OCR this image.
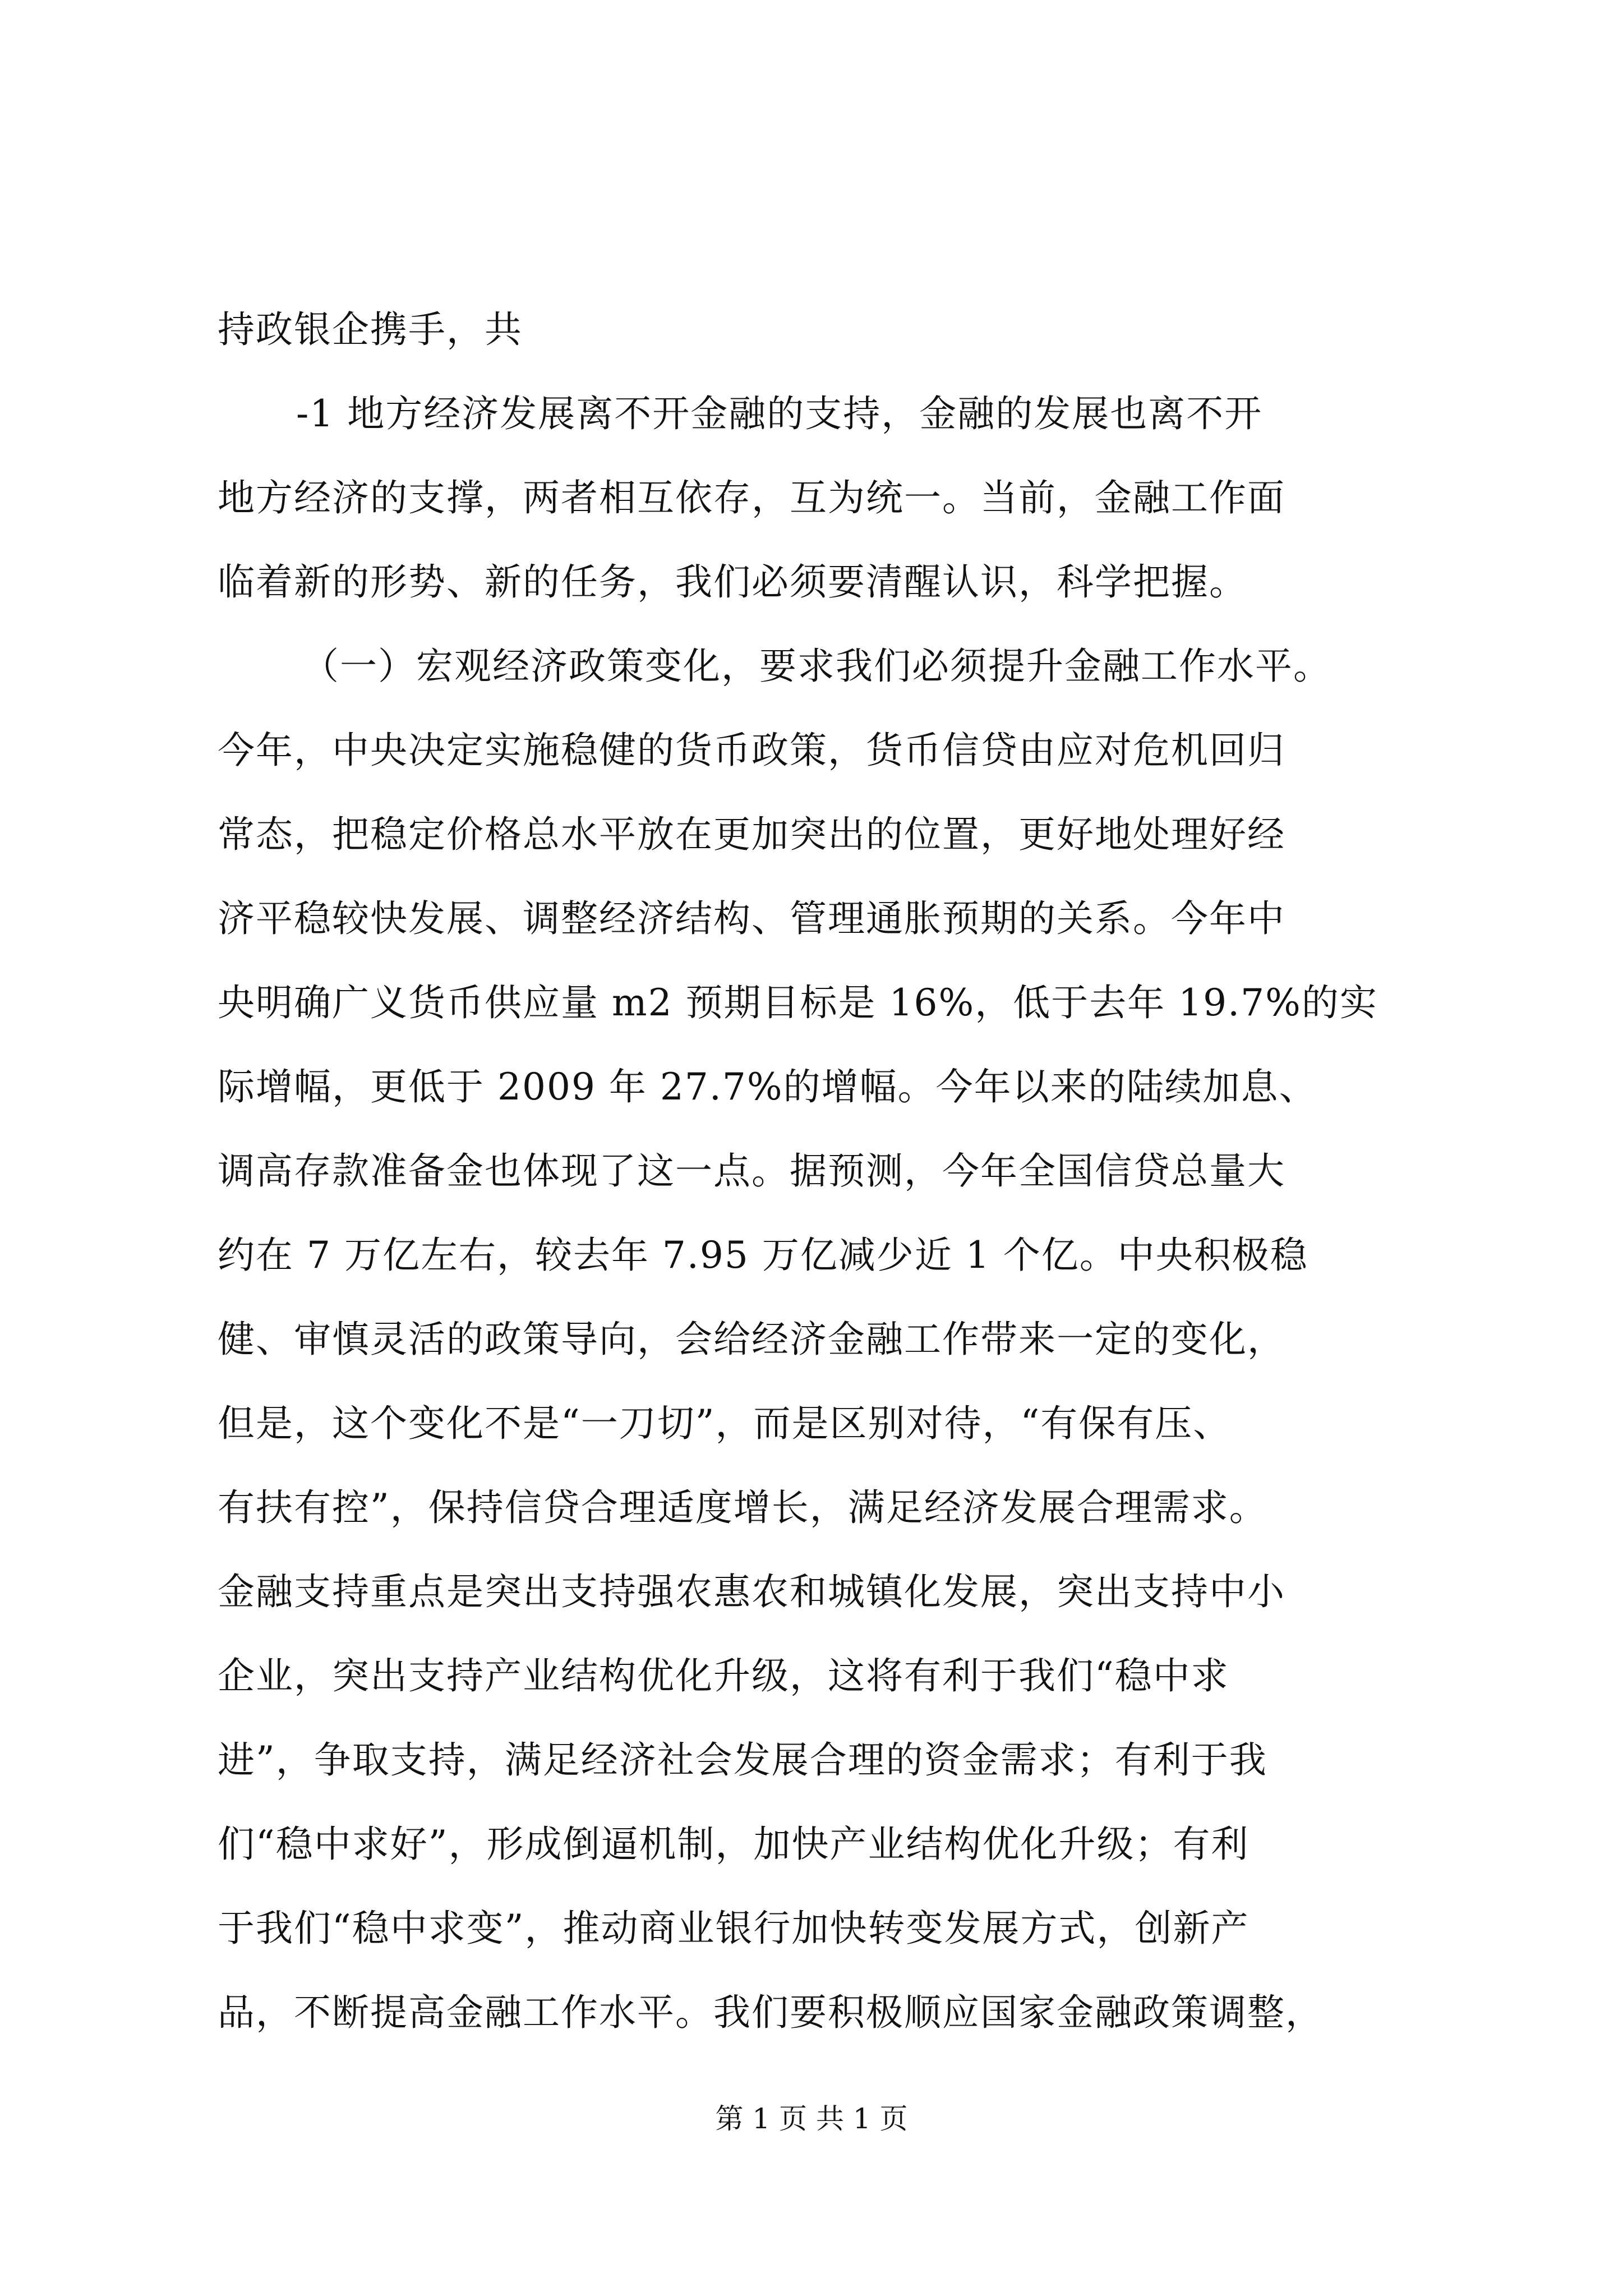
持政银企携手，共
-1 地方经济发展离不开金融的支持，金融的发展也离不开
地方经济的支撑，两者相互依存，互为统一。当前，金融工作面
临着新的形势、新的任务，我们必须要清醒认识，科学把握。
（一）宏观经济政策变化，要求我们必须提升金融工作水平。
今年，中央决定实施稳健的货币政策，货币信贷由应对危机回归
常态，把稳定价格总水平放在更加突出的位置，更好地处理好经
济平稳较快发展、调整经济结构、管理通胀预期的关系。今年中
央明确广义货币供应量 m2 预期目标是 16%，低于去年 19.7%的实
际增幅，更低于 2009 年 27.7%的增幅。今年以来的陆续加息、
调高存款准备金也体现了这一点。据预测，今年全国信贷总量大
约在 7 万亿左右，较去年 7.95 万亿减少近 1 个亿。中央积极稳
健、审慎灵活的政策导向，会给经济金融工作带来一定的变化，
但是，这个变化不是“一刀切”，而是区别对待，“有保有压、
有扶有控”，保持信贷合理适度增长，满足经济发展合理需求。
金融支持重点是突出支持强农惠农和城镇化发展，突出支持中小
企业，突出支持产业结构优化升级，这将有利于我们“稳中求
进”，争取支持，满足经济社会发展合理的资金需求；有利于我
们“稳中求好”，形成倒逼机制，加快产业结构优化升级；有利
于我们“稳中求变”，推动商业银行加快转变发展方式，创新产
品，不断提高金融工作水平。我们要积极顺应国家金融政策调整，
第 1 页 共 1 页
